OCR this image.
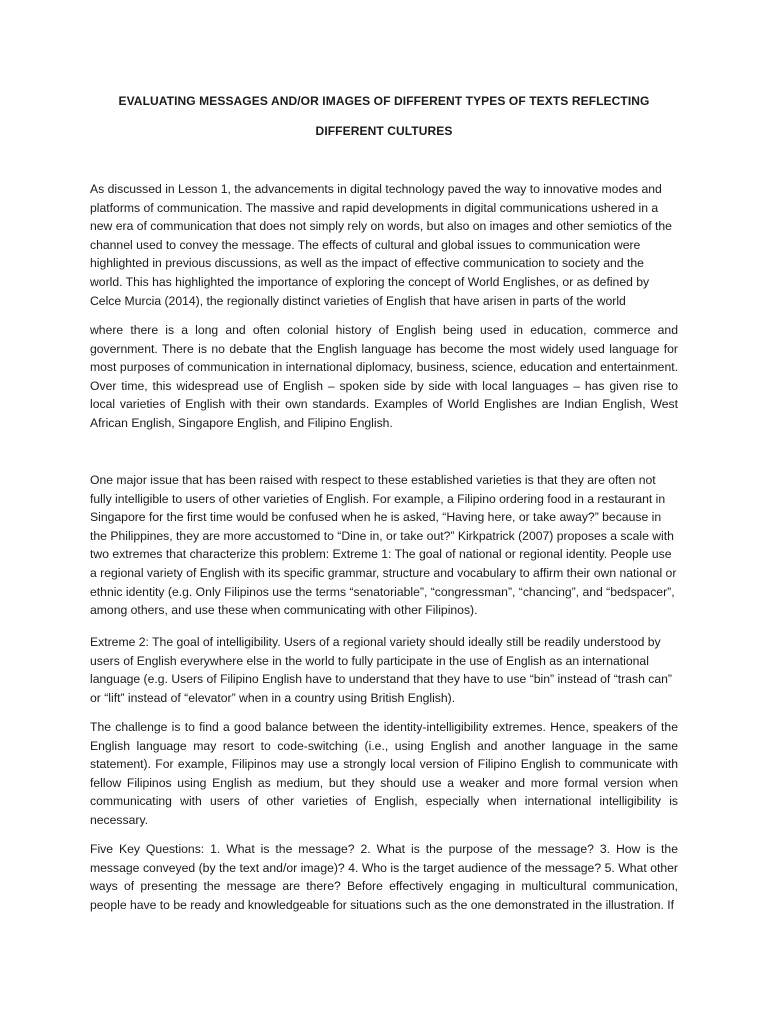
EVALUATING MESSAGES AND/OR IMAGES OF DIFFERENT TYPES OF TEXTS REFLECTING
DIFFERENT CULTURES

As discussed in Lesson 1, the advancements in digital technology paved the way to innovative modes and platforms of communication. The massive and rapid developments in digital communications ushered in a new era of communication that does not simply rely on words, but also on images and other semiotics of the channel used to convey the message. The effects of cultural and global issues to communication were highlighted in previous discussions, as well as the impact of effective communication to society and the world. This has highlighted the importance of exploring the concept of World Englishes, or as defined by Celce Murcia (2014), the regionally distinct varieties of English that have arisen in parts of the world

where there is a long and often colonial history of English being used in education, commerce and government. There is no debate that the English language has become the most widely used language for most purposes of communication in international diplomacy, business, science, education and entertainment. Over time, this widespread use of English – spoken side by side with local languages – has given rise to local varieties of English with their own standards. Examples of World Englishes are Indian English, West African English, Singapore English, and Filipino English.

One major issue that has been raised with respect to these established varieties is that they are often not fully intelligible to users of other varieties of English. For example, a Filipino ordering food in a restaurant in Singapore for the first time would be confused when he is asked, “Having here, or take away?” because in the Philippines, they are more accustomed to “Dine in, or take out?” Kirkpatrick (2007) proposes a scale with two extremes that characterize this problem: Extreme 1: The goal of national or regional identity. People use a regional variety of English with its specific grammar, structure and vocabulary to affirm their own national or ethnic identity (e.g. Only Filipinos use the terms “senatoriable”, “congressman”, “chancing”, and “bedspacer”, among others, and use these when communicating with other Filipinos).

Extreme 2: The goal of intelligibility. Users of a regional variety should ideally still be readily understood by users of English everywhere else in the world to fully participate in the use of English as an international language (e.g. Users of Filipino English have to understand that they have to use “bin” instead of “trash can” or “lift” instead of “elevator” when in a country using British English).

The challenge is to find a good balance between the identity-intelligibility extremes. Hence, speakers of the English language may resort to code-switching (i.e., using English and another language in the same statement). For example, Filipinos may use a strongly local version of Filipino English to communicate with fellow Filipinos using English as medium, but they should use a weaker and more formal version when communicating with users of other varieties of English, especially when international intelligibility is necessary.

Five Key Questions: 1. What is the message? 2. What is the purpose of the message? 3. How is the message conveyed (by the text and/or image)? 4. Who is the target audience of the message? 5. What other ways of presenting the message are there? Before effectively engaging in multicultural communication, people have to be ready and knowledgeable for situations such as the one demonstrated in the illustration. If
